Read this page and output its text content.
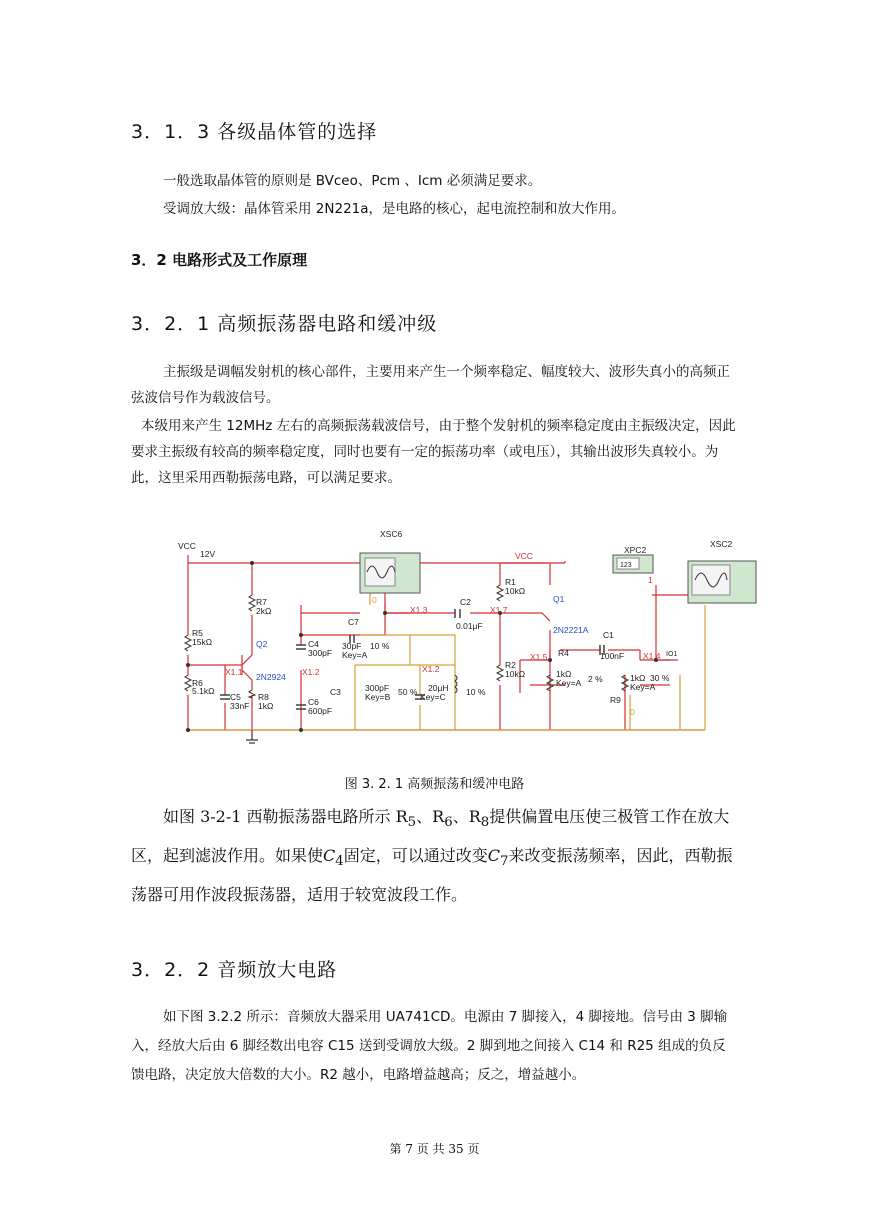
3．1．3 各级晶体管的选择
一般选取晶体管的原则是 BVceo、Pcm 、Icm 必须满足要求。
受调放大级：晶体管采用 2N221a，是电路的核心，起电流控制和放大作用。
3．2 电路形式及工作原理
3．2．1 高频振荡器电路和缓冲级
主振级是调幅发射机的核心部件，主要用来产生一个频率稳定、幅度较大、波形失真小的高频正弦波信号作为载波信号。
本级用来产生 12MHz 左右的高频振荡载波信号，由于整个发射机的频率稳定度由主振级决定，因此要求主振级有较高的频率稳定度，同时也要有一定的振荡功率（或电压），其输出波形失真较小。为此，这里采用西勒振荡电路，可以满足要求。
VCC
12V
XSC6
XSC2
XPC2
123
R7
2kΩ
R5
15kΩ
R6
5.1kΩ
C5
33nF
R8
1kΩ
Q2
2N2924
X1.1	X1.2
X1.3	X1.7
X1.5	X1.4
X1.2
C4
300pF
C6
600pF
C7
30pF 10 %
Key=A
C3	300pF
Key=B 50 % 20μH
Key=C 10 %
C2
0.01μF
R1
10kΩ
R2
10kΩ
Q1
2N2221A
R4
1kΩ
Key=A 2 %
C1
100nF
R9
1kΩ 30 %
Key=A
1
0
0
IO1
VCC
图 3. 2. 1 高频振荡和缓冲电路
如图 3-2-1 西勒振荡器电路所示 $R_5$、$R_6$、$R_8$提供偏置电压使三极管工作在放大区，起到滤波作用。如果使$C_4$固定，可以通过改变$C_7$来改变振荡频率，因此，西勒振荡器可用作波段振荡器，适用于较宽波段工作。
3．2．2 音频放大电路
如下图 3.2.2 所示：音频放大器采用 UA741CD。电源由 7 脚接入，4 脚接地。信号由 3 脚输入，经放大后由 6 脚经数出电容 C15 送到受调放大级。2 脚到地之间接入 C14 和 R25 组成的负反馈电路，决定放大倍数的大小。R2 越小，电路增益越高；反之，增益越小。
第 7 页 共 35 页
